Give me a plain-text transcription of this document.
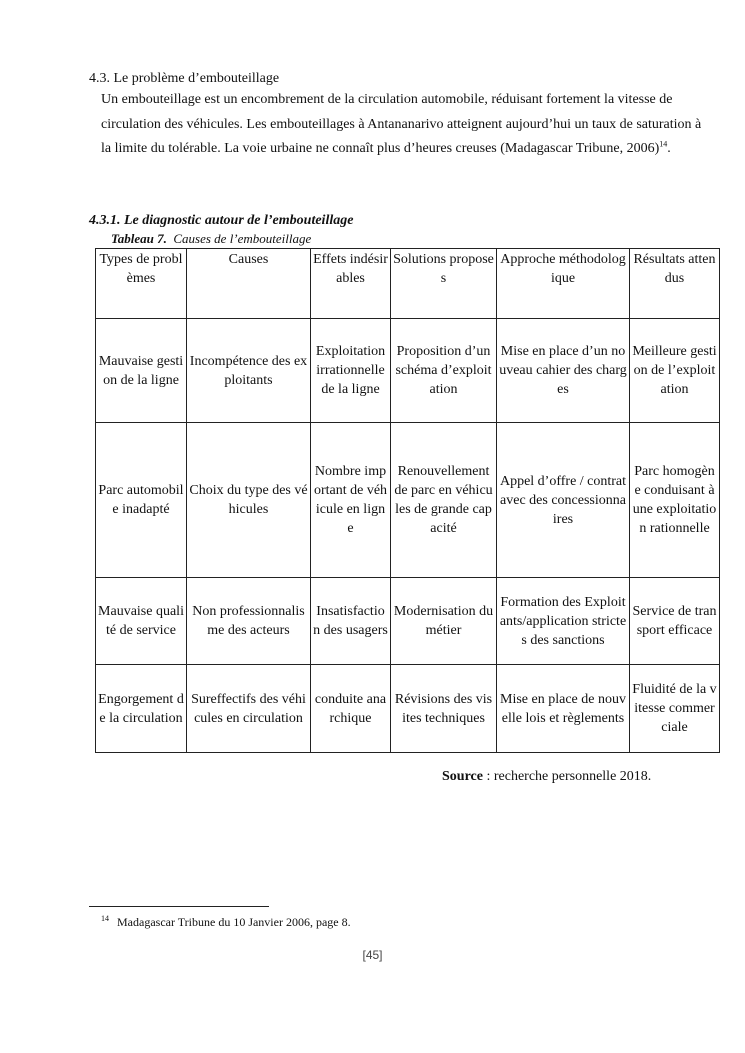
4.3. Le problème d’embouteillage

Un embouteillage est un encombrement de la circulation automobile, réduisant fortement la vitesse de circulation des véhicules. Les embouteillages à Antananarivo atteignent aujourd’hui un taux de saturation à la limite du tolérable. La voie urbaine ne connaît plus d’heures creuses (Madagascar Tribune, 2006)$^{14}$.

4.3.1. Le diagnostic autour de l’embouteillage
Tableau 7. Causes de l’embouteillage
Types de problèmes	Causes	Effets indésirables	Solutions proposes	Approche méthodologique	Résultats attendus
Mauvaise gestion de la ligne	Incompétence des exploitants	Exploitation irrationnelle de la ligne	Proposition d’un schéma d’exploitation	Mise en place d’un nouveau cahier des charges	Meilleure gestion de l’exploitation
Parc automobile inadapté	Choix du type des véhicules	Nombre important de véhicule en ligne	Renouvellement de parc en véhicules de grande capacité	Appel d’offre / contrat avec des concessionnaires	Parc homogène conduisant à une exploitation rationnelle
Mauvaise qualité de service	Non professionnalisme des acteurs	Insatisfaction des usagers	Modernisation du métier	Formation des Exploitants/application strictes des sanctions	Service de transport efficace
Engorgement de la circulation	Sureffectifs des véhicules en circulation	conduite anarchique	Révisions des visites techniques	Mise en place de nouvelle lois et règlements	Fluidité de la vitesse commerciale
Source : recherche personnelle 2018.
$^{14}$ Madagascar Tribune du 10 Janvier 2006, page 8.
[45]
